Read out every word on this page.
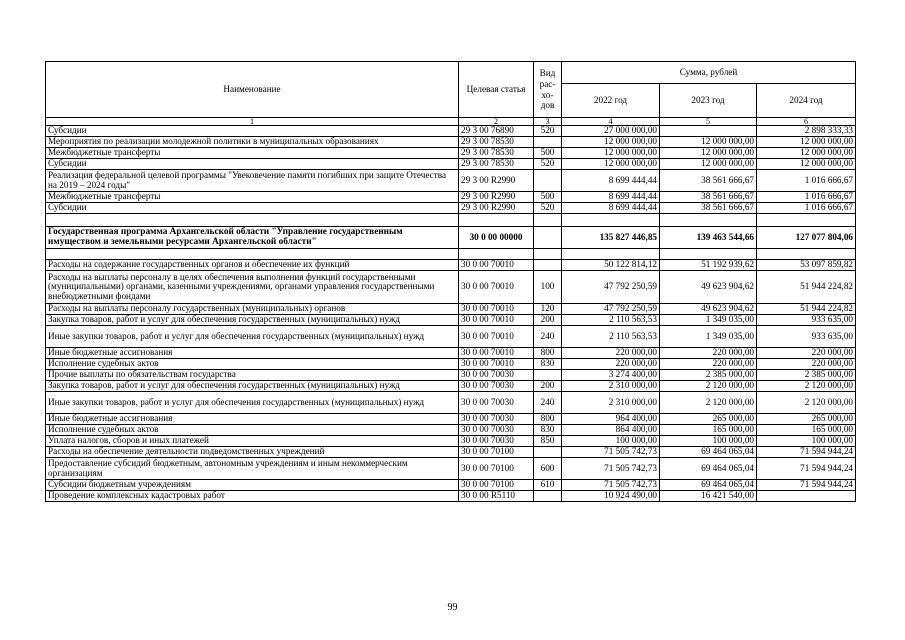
Наименование	Целевая статья	Вид рас-хо-дов	Сумма, рублей		
			2022 год	2023 год	2024 год
1	2	3	4	5	6
Субсидии	29 3 00 76890	520	27 000 000,00		2 898 333,33
Мероприятия по реализации молодежной политики в муниципальных образованиях	29 3 00 78530		12 000 000,00	12 000 000,00	12 000 000,00
Межбюджетные трансферты	29 3 00 78530	500	12 000 000,00	12 000 000,00	12 000 000,00
Субсидии	29 3 00 78530	520	12 000 000,00	12 000 000,00	12 000 000,00
Реализация федеральной целевой программы "Увековечение памяти погибших при защите Отечества на 2019 – 2024 годы"	29 3 00 R2990		8 699 444,44	38 561 666,67	1 016 666,67
Межбюджетные трансферты	29 3 00 R2990	500	8 699 444,44	38 561 666,67	1 016 666,67
Субсидии	29 3 00 R2990	520	8 699 444,44	38 561 666,67	1 016 666,67

Государственная программа Архангельской области "Управление государственным имуществом и земельными ресурсами Архангельской области"	30 0 00 00000		135 827 446,85	139 463 544,66	127 077 804,06

Расходы на содержание государственных органов и обеспечение их функций	30 0 00 70010		50 122 814,12	51 192 939,62	53 097 859,82
Расходы на выплаты персоналу в целях обеспечения выполнения функций государственными (муниципальными) органами, казенными учреждениями, органами управления государственными внебюджетными фондами	30 0 00 70010	100	47 792 250,59	49 623 904,62	51 944 224,82
Расходы на выплаты персоналу государственных (муниципальных) органов	30 0 00 70010	120	47 792 250,59	49 623 904,62	51 944 224,82
Закупка товаров, работ и услуг для обеспечения государственных (муниципальных) нужд	30 0 00 70010	200	2 110 563,53	1 349 035,00	933 635,00
Иные закупки товаров, работ и услуг для обеспечения государственных (муниципальных) нужд	30 0 00 70010	240	2 110 563,53	1 349 035,00	933 635,00
Иные бюджетные ассигнования	30 0 00 70010	800	220 000,00	220 000,00	220 000,00
Исполнение судебных актов	30 0 00 70010	830	220 000,00	220 000,00	220 000,00
Прочие выплаты по обязательствам государства	30 0 00 70030		3 274 400,00	2 385 000,00	2 385 000,00
Закупка товаров, работ и услуг для обеспечения государственных (муниципальных) нужд	30 0 00 70030	200	2 310 000,00	2 120 000,00	2 120 000,00
Иные закупки товаров, работ и услуг для обеспечения государственных (муниципальных) нужд	30 0 00 70030	240	2 310 000,00	2 120 000,00	2 120 000,00
Иные бюджетные ассигнования	30 0 00 70030	800	964 400,00	265 000,00	265 000,00
Исполнение судебных актов	30 0 00 70030	830	864 400,00	165 000,00	165 000,00
Уплата налогов, сборов и иных платежей	30 0 00 70030	850	100 000,00	100 000,00	100 000,00
Расходы на обеспечение деятельности подведомственных учреждений	30 0 00 70100		71 505 742,73	69 464 065,04	71 594 944,24
Предоставление субсидий бюджетным, автономным учреждениям и иным некоммерческим организациям	30 0 00 70100	600	71 505 742,73	69 464 065,04	71 594 944,24
Субсидии бюджетным учреждениям	30 0 00 70100	610	71 505 742,73	69 464 065,04	71 594 944,24
Проведение комплексных кадастровых работ	30 0 00 R5110		10 924 490,00	16 421 540,00	
99
